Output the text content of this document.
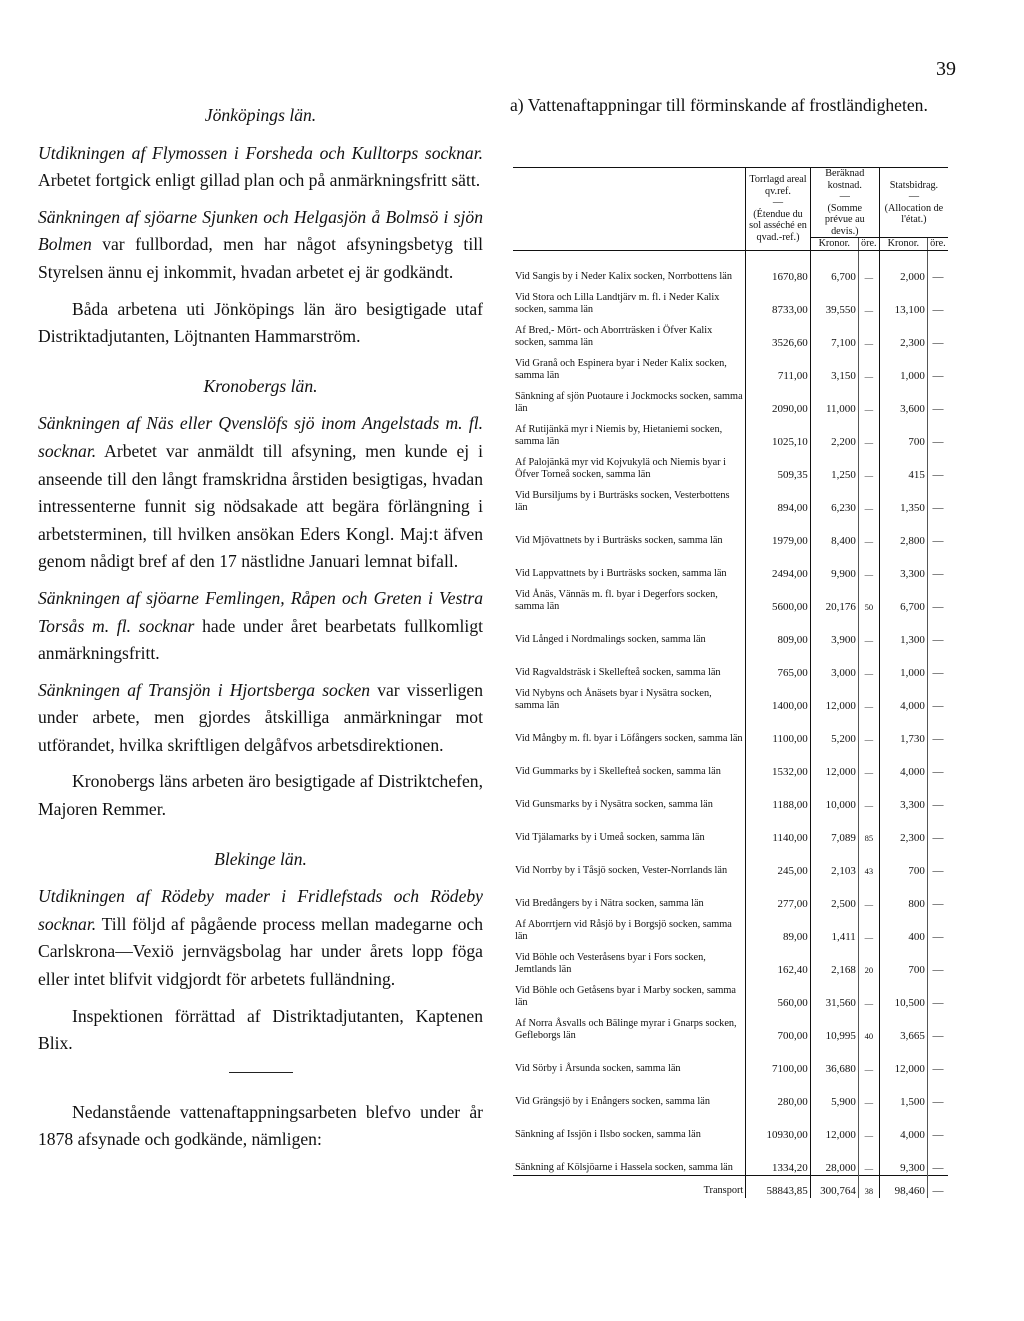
39

Jönköpings län.

Utdikningen af Flymossen i Forsheda och Kulltorps socknar. Arbetet fortgick enligt gillad plan och på anmärkningsfritt sätt.

Sänkningen af sjöarne Sjunken och Helgasjön å Bolmsö i sjön Bolmen var fullbordad, men har något afsyningsbetyg till Styrelsen ännu ej inkommit, hvadan arbetet ej är godkändt.

Båda arbetena uti Jönköpings län äro besigtigade utaf Distriktadjutanten, Löjtnanten Hammarström.

Kronobergs län.

Sänkningen af Näs eller Qvenslöfs sjö inom Angelstads m. fl. socknar. Arbetet var anmäldt till afsyning, men kunde ej i anseende till den långt framskridna årstiden besigtigas, hvadan intressenterne funnit sig nödsakade att begära förlängning i arbetsterminen, till hvilken ansökan Eders Kongl. Maj:t äfven genom nådigt bref af den 17 nästlidne Januari lemnat bifall.

Sänkningen af sjöarne Femlingen, Råpen och Greten i Vestra Torsås m. fl. socknar hade under året bearbetats fullkomligt anmärkningsfritt.

Sänkningen af Transjön i Hjortsberga socken var visserligen under arbete, men gjordes åtskilliga anmärkningar mot utförandet, hvilka skriftligen delgåfvos arbetsdirektionen.

Kronobergs läns arbeten äro besigtigade af Distriktchefen, Majoren Remmer.

Blekinge län.

Utdikningen af Rödeby mader i Fridlefstads och Rödeby socknar. Till följd af pågående process mellan madegarne och Carlskrona—Vexiö jernvägsbolag har under årets lopp föga eller intet blifvit vidgjordt för arbetets fulländning.

Inspektionen förrättad af Distriktadjutanten, Kaptenen Blix.

Nedanstående vattenaftappningsarbeten blefvo under år 1878 afsynade och godkände, nämligen:

a) Vattenaftappningar till förminskande af frostländigheten.

	Torrlagd areal
qv.ref.
—
(Étendue du sol asséché en qvad.-ref.)	Beräknad kostnad.
—
(Somme prévue au devis.)		Statsbidrag.
—
(Allocation de l'état.)	
		Kronor.	öre.	Kronor.	öre.
Vid Sangis by i Neder Kalix socken, Norrbottens län	1670,80	6,700	—	2,000	—
Vid Stora och Lilla Landtjärv m. fl. i Neder Kalix socken, samma län	8733,00	39,550	—	13,100	—
Af Bred,- Mört- och Aborrträsken i Öfver Kalix socken, samma län	3526,60	7,100	—	2,300	—
Vid Granå och Espinera byar i Neder Kalix socken, samma län	711,00	3,150	—	1,000	—
Sänkning af sjön Puotaure i Jockmocks socken, samma län	2090,00	11,000	—	3,600	—
Af Rutijänkä myr i Niemis by, Hietaniemi socken, samma län	1025,10	2,200	—	700	—
Af Palojänkä myr vid Kojvukylä och Niemis byar i Öfver Torneå socken, samma län	509,35	1,250	—	415	—
Vid Bursiljums by i Burträsks socken, Vesterbottens län	894,00	6,230	—	1,350	—
Vid Mjövattnets by i Burträsks socken, samma län	1979,00	8,400	—	2,800	—
Vid Lappvattnets by i Burträsks socken, samma län	2494,00	9,900	—	3,300	—
Vid Ånäs, Vännäs m. fl. byar i Degerfors socken, samma län	5600,00	20,176	50	6,700	—
Vid Långed i Nordmalings socken, samma län	809,00	3,900	—	1,300	—
Vid Ragvaldsträsk i Skellefteå socken, samma län	765,00	3,000	—	1,000	—
Vid Nybyns och Ånäsets byar i Nysätra socken, samma län	1400,00	12,000	—	4,000	—
Vid Mångby m. fl. byar i Löfångers socken, samma län	1100,00	5,200	—	1,730	—
Vid Gummarks by i Skellefteå socken, samma län	1532,00	12,000	—	4,000	—
Vid Gunsmarks by i Nysätra socken, samma län	1188,00	10,000	—	3,300	—
Vid Tjälamarks by i Umeå socken, samma län	1140,00	7,089	85	2,300	—
Vid Norrby by i Tåsjö socken, Vester-Norrlands län	245,00	2,103	43	700	—
Vid Bredångers by i Nätra socken, samma län	277,00	2,500	—	800	—
Af Aborrtjern vid Råsjö by i Borgsjö socken, samma län	89,00	1,411	—	400	—
Vid Böhle och Vesteråsens byar i Fors socken, Jemtlands län	162,40	2,168	20	700	—
Vid Böhle och Getåsens byar i Marby socken, samma län	560,00	31,560	—	10,500	—
Af Norra Åsvalls och Bälinge myrar i Gnarps socken, Gefleborgs län	700,00	10,995	40	3,665	—
Vid Sörby i Årsunda socken, samma län	7100,00	36,680	—	12,000	—
Vid Grängsjö by i Enångers socken, samma län	280,00	5,900	—	1,500	—
Sänkning af Issjön i Ilsbo socken, samma län	10930,00	12,000	—	4,000	—
Sänkning af Kölsjöarne i Hassela socken, samma län	1334,20	28,000	—	9,300	—
Transport	58843,85	300,764	38	98,460	—
